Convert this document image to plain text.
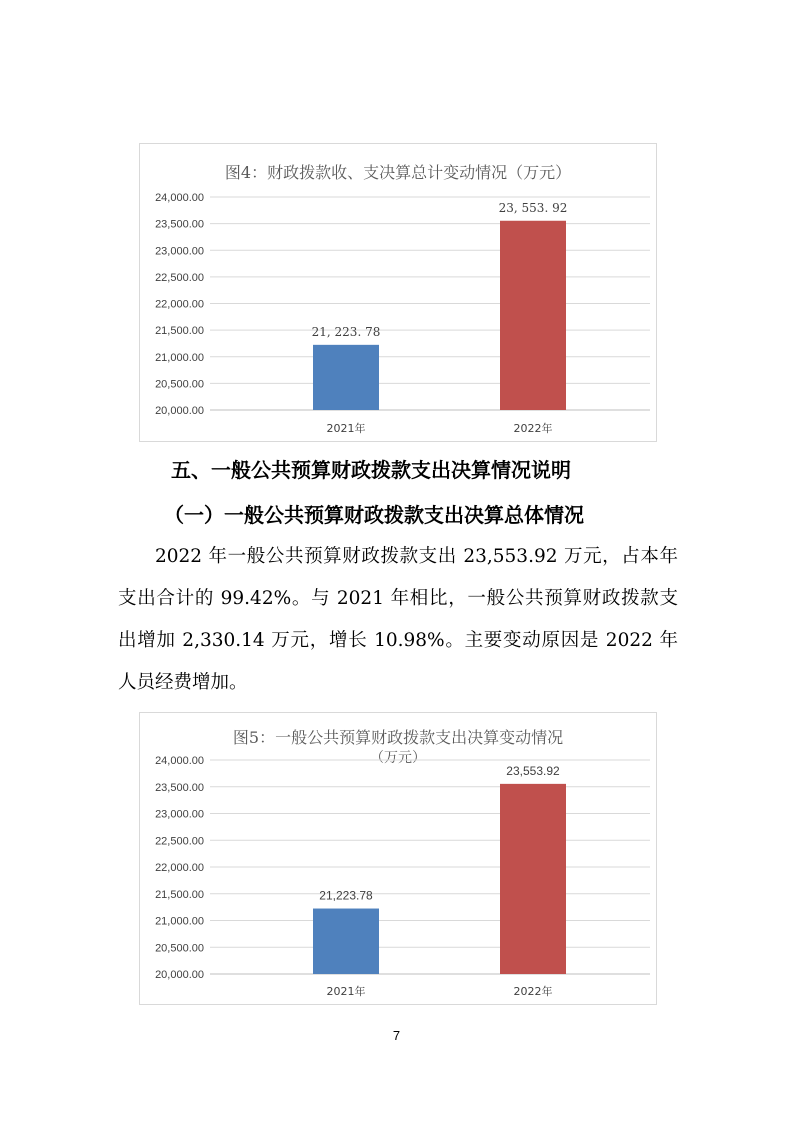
图4：财政拨款收、支决算总计变动情况（万元）
20,000.00
20,500.00
21,000.00
21,500.00
22,000.00
22,500.00
23,000.00
23,500.00
24,000.00
21, 223. 78
2021年
23, 553. 92
2022年
五、一般公共预算财政拨款支出决算情况说明
（一）一般公共预算财政拨款支出决算总体情况

2022 年一般公共预算财政拨款支出 23,553.92 万元，占本年支出合计的 99.42%。与 2021 年相比，一般公共预算财政拨款支出增加 2,330.14 万元，增长 10.98%。主要变动原因是 2022 年人员经费增加。

图5：一般公共预算财政拨款支出决算变动情况
（万元）
20,000.00
20,500.00
21,000.00
21,500.00
22,000.00
22,500.00
23,000.00
23,500.00
24,000.00
21,223.78
2021年
23,553.92
2022年
7
